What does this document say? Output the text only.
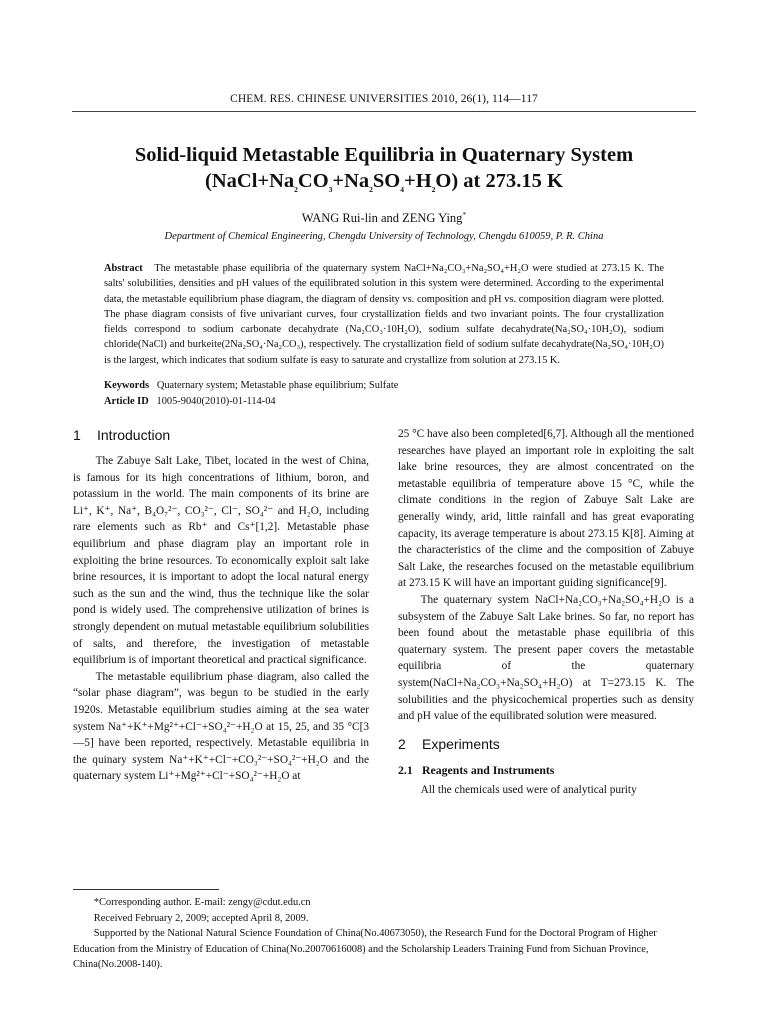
CHEM. RES. CHINESE UNIVERSITIES 2010, 26(1), 114—117
Solid-liquid Metastable Equilibria in Quaternary System
$(NaCl+Na_2CO_3+Na_2SO_4+H_2O)$ at 273.15 K
WANG Rui-lin and ZENG Ying*
Department of Chemical Engineering, Chengdu University of Technology, Chengdu 610059, P. R. China
Abstract The metastable phase equilibria of the quaternary system NaCl+Na₂CO₃+Na₂SO₄+H₂O were studied at 273.15 K. The salts' solubilities, densities and pH values of the equilibrated solution in this system were determined. According to the experimental data, the metastable equilibrium phase diagram, the diagram of density vs. composition and pH vs. composition diagram were plotted. The phase diagram consists of five univariant curves, four crystallization fields and two invariant points. The four crystallization fields correspond to sodium carbonate decahydrate (Na₂CO₃·10H₂O), sodium sulfate decahydrate(Na₂SO₄·10H₂O), sodium chloride(NaCl) and burkeite(2Na₂SO₄·Na₂CO₃), respectively. The crystallization field of sodium sulfate decahydrate(Na₂SO₄·10H₂O) is the largest, which indicates that sodium sulfate is easy to saturate and crystallize from solution at 273.15 K.
Keywords Quaternary system; Metastable phase equilibrium; Sulfate
Article ID 1005-9040(2010)-01-114-04
1 Introduction

The Zabuye Salt Lake, Tibet, located in the west of China, is famous for its high concentrations of lithium, boron, and potassium in the world. The main components of its brine are Li⁺, K⁺, Na⁺, B₄O₇²⁻, CO₃²⁻, Cl⁻, SO₄²⁻ and H₂O, including rare elements such as Rb⁺ and Cs⁺[1,2]. Metastable phase equilibrium and phase diagram play an important role in exploiting the brine resources. To economically exploit salt lake brine resources, it is important to adopt the local natural energy such as the sun and the wind, thus the technique like the solar pond is widely used. The comprehensive utilization of brines is strongly dependent on mutual metastable equilibrium solubilities of salts, and therefore, the investigation of metastable equilibrium is of important theoretical and practical significance.

The metastable equilibrium phase diagram, also called the “solar phase diagram”, was begun to be studied in the early 1920s. Metastable equilibrium studies aiming at the sea water system Na⁺+K⁺+Mg²⁺+Cl⁻+SO₄²⁻+H₂O at 15, 25, and 35 °C[3—5] have been reported, respectively. Metastable equilibria in the quinary system Na⁺+K⁺+Cl⁻+CO₃²⁻+SO₄²⁻+H₂O and the quaternary system Li⁺+Mg²⁺+Cl⁻+SO₄²⁻+H₂O at

25 °C have also been completed[6,7]. Although all the mentioned researches have played an important role in exploiting the salt lake brine resources, they are almost concentrated on the metastable equilibria of temperature above 15 °C, while the climate conditions in the region of Zabuye Salt Lake are generally windy, arid, little rainfall and has great evaporating capacity, its average temperature is about 273.15 K[8]. Aiming at the characteristics of the clime and the composition of Zabuye Salt Lake, the researches focused on the metastable equilibrium at 273.15 K will have an important guiding significance[9].

The quaternary system NaCl+Na₂CO₃+Na₂SO₄+H₂O is a subsystem of the Zabuye Salt Lake brines. So far, no report has been found about the metastable phase equilibria of this quaternary system. The present paper covers the metastable equilibria of the quaternary system(NaCl+Na₂CO₃+Na₂SO₄+H₂O) at T=273.15 K. The solubilities and the physicochemical properties such as density and pH value of the equilibrated solution were measured.

2 Experiments
2.1 Reagents and Instruments

All the chemicals used were of analytical purity

*Corresponding author. E-mail: zengy@cdut.edu.cn
Received February 2, 2009; accepted April 8, 2009.
Supported by the National Natural Science Foundation of China(No.40673050), the Research Fund for the Doctoral Program of Higher Education from the Ministry of Education of China(No.20070616008) and the Scholarship Leaders Training Fund from Sichuan Province, China(No.2008-140).
